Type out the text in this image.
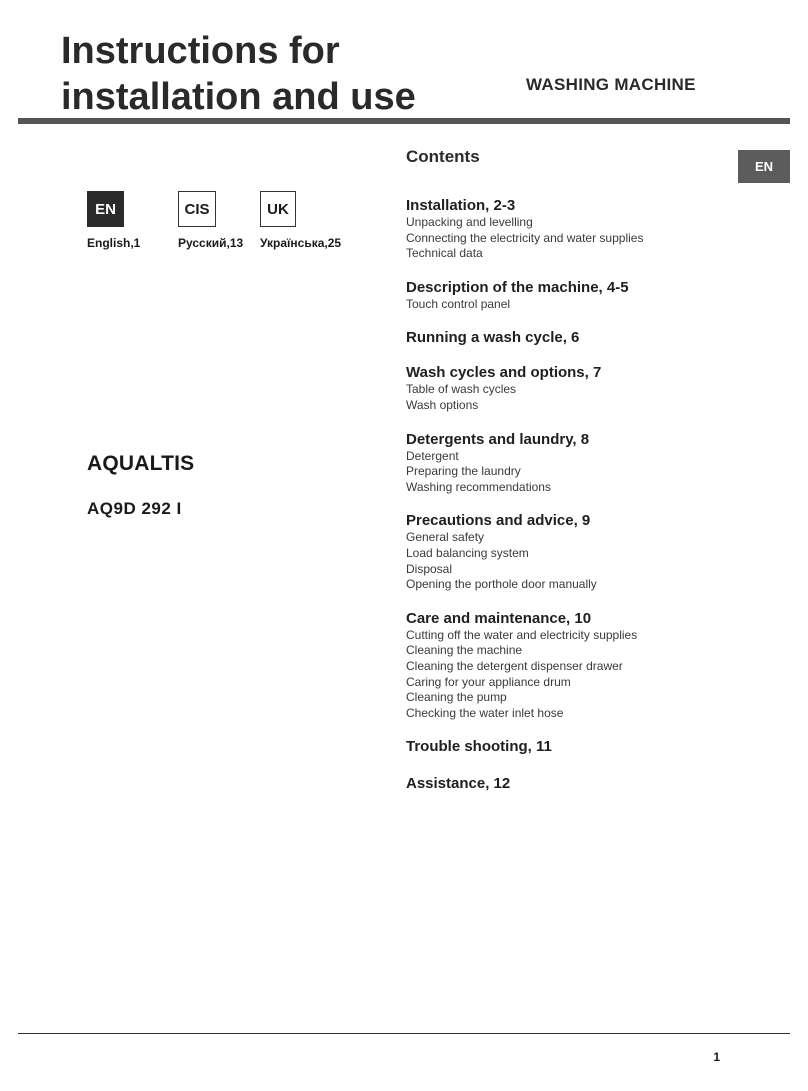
Instructions for
installation and use	WASHING MACHINE
EN
EN	CIS	UK
English,1	Русский,13 Українська,25
AQUALTIS
AQ9D 292 I
Contents
Installation, 2-3
Unpacking and levelling
Connecting the electricity and water supplies
Technical data
Description of the machine, 4-5
Touch control panel
Running a wash cycle, 6
Wash cycles and options, 7
Table of wash cycles
Wash options
Detergents and laundry, 8
Detergent
Preparing the laundry
Washing recommendations
Precautions and advice, 9
General safety
Load balancing system
Disposal
Opening the porthole door manually
Care and maintenance, 10
Cutting off the water and electricity supplies
Cleaning the machine
Cleaning the detergent dispenser drawer
Caring for your appliance drum
Cleaning the pump
Checking the water inlet hose
Trouble shooting, 11
Assistance, 12
1
